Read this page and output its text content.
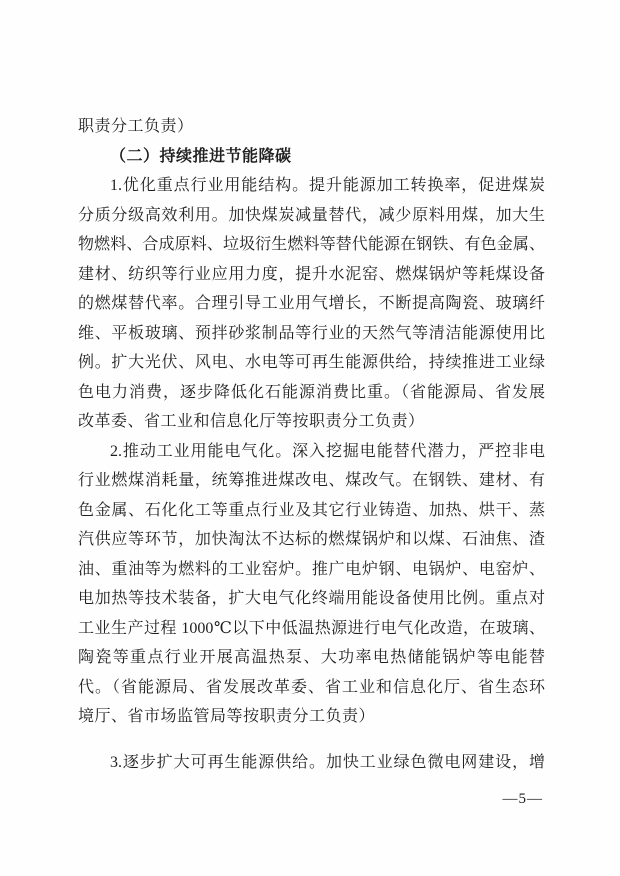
职责分工负责）
（二）持续推进节能降碳
1.优化重点行业用能结构。提升能源加工转换率，促进煤炭
分质分级高效利用。加快煤炭减量替代，减少原料用煤，加大生
物燃料、合成原料、垃圾衍生燃料等替代能源在钢铁、有色金属、
建材、纺织等行业应用力度，提升水泥窑、燃煤锅炉等耗煤设备
的燃煤替代率。合理引导工业用气增长，不断提高陶瓷、玻璃纤
维、平板玻璃、预拌砂浆制品等行业的天然气等清洁能源使用比
例。扩大光伏、风电、水电等可再生能源供给，持续推进工业绿
色电力消费，逐步降低化石能源消费比重。（省能源局、省发展
改革委、省工业和信息化厅等按职责分工负责）
2.推动工业用能电气化。深入挖掘电能替代潜力，严控非电
行业燃煤消耗量，统筹推进煤改电、煤改气。在钢铁、建材、有
色金属、石化化工等重点行业及其它行业铸造、加热、烘干、蒸
汽供应等环节，加快淘汰不达标的燃煤锅炉和以煤、石油焦、渣
油、重油等为燃料的工业窑炉。推广电炉钢、电锅炉、电窑炉、
电加热等技术装备，扩大电气化终端用能设备使用比例。重点对
工业生产过程 1000℃以下中低温热源进行电气化改造，在玻璃、
陶瓷等重点行业开展高温热泵、大功率电热储能锅炉等电能替
代。（省能源局、省发展改革委、省工业和信息化厅、省生态环
境厅、省市场监管局等按职责分工负责）
3.逐步扩大可再生能源供给。加快工业绿色微电网建设，增
—5—
